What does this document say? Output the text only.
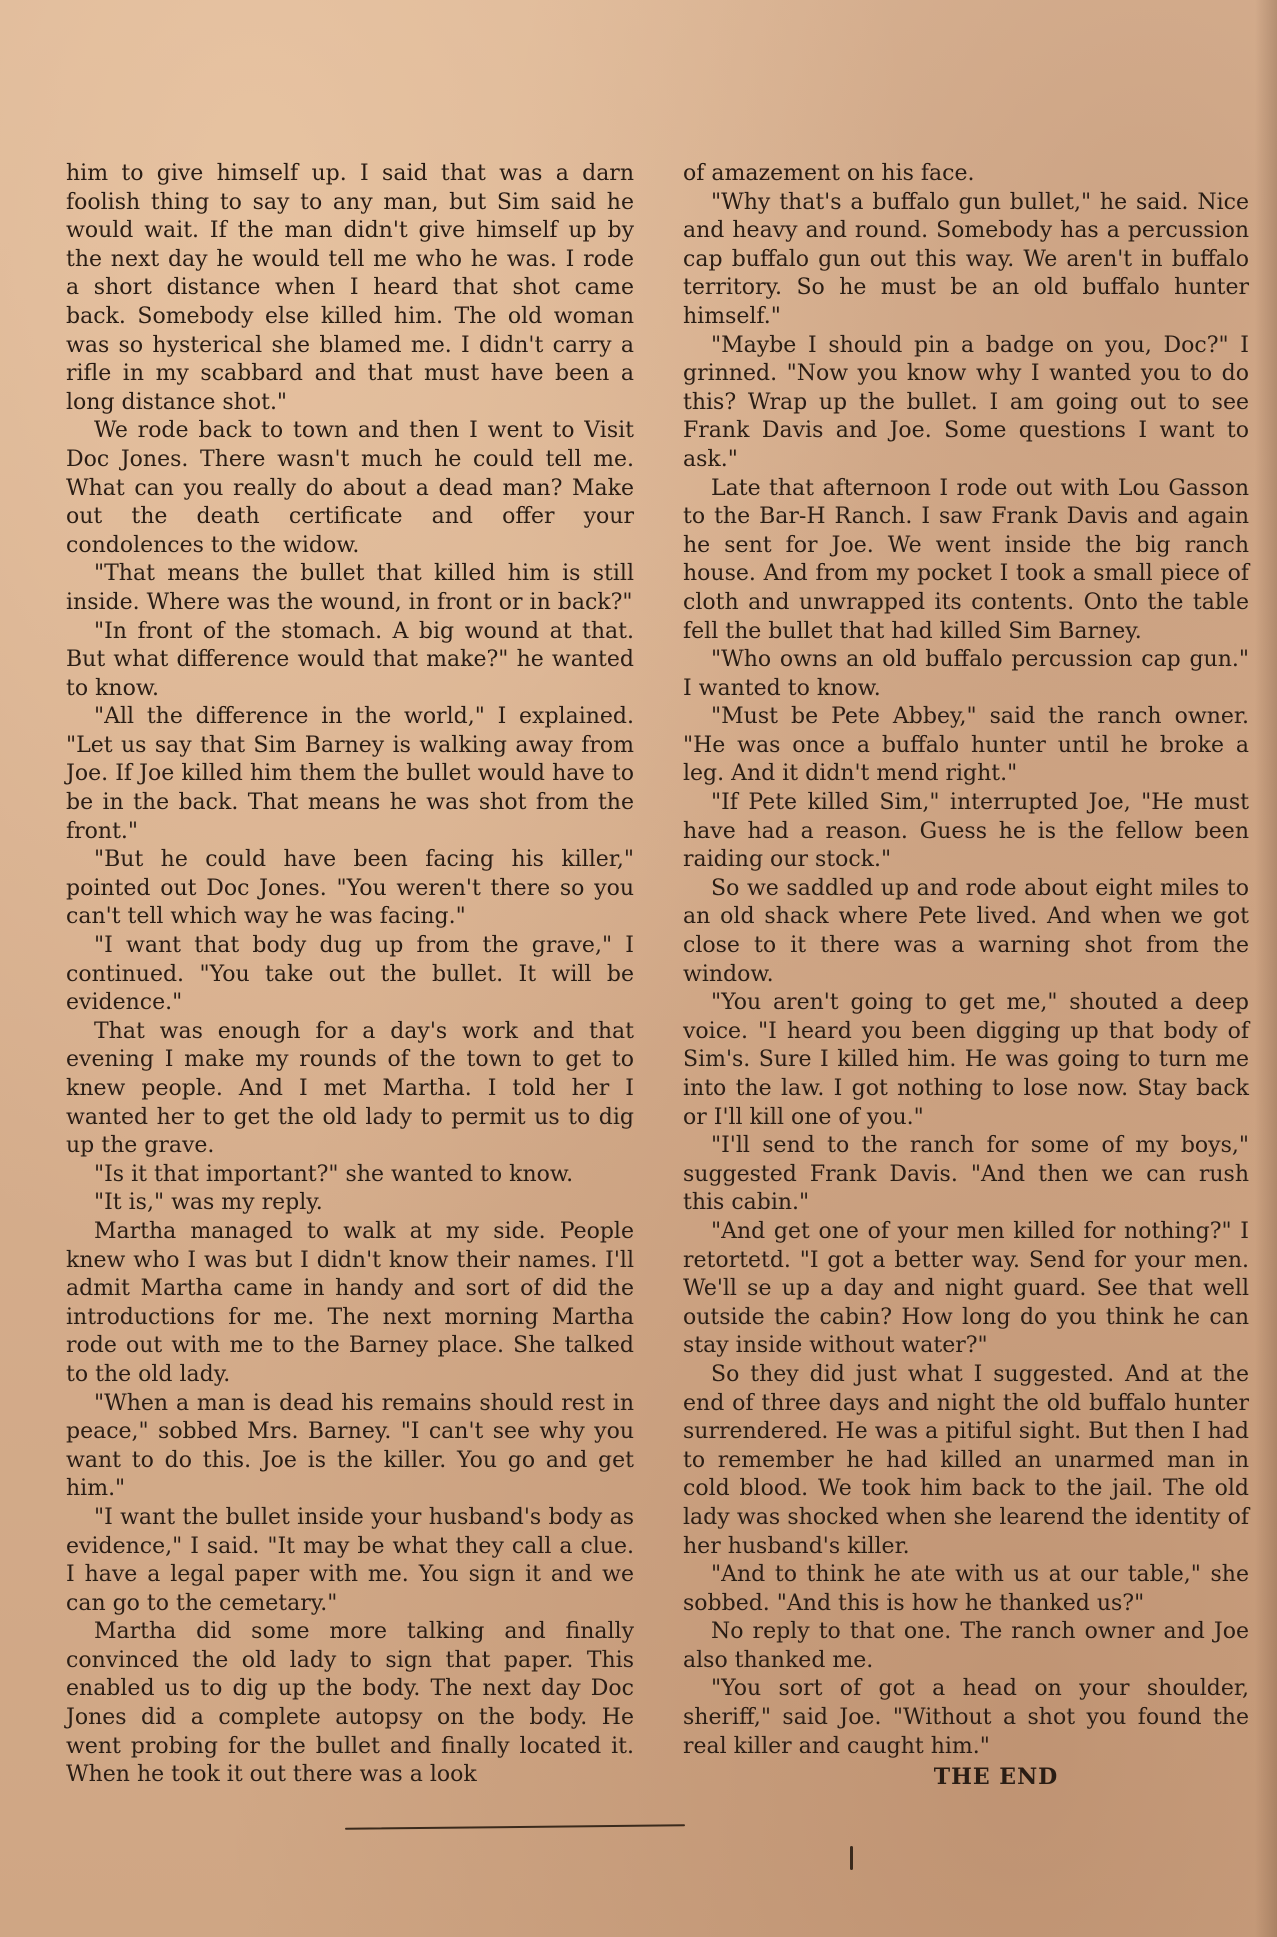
him to give himself up. I said that was a darn foolish thing to say to any man, but Sim said he would wait. If the man didn't give himself up by the next day he would tell me who he was. I rode a short distance when I heard that shot came back. Somebody else killed him. The old woman was so hysterical she blamed me. I didn't carry a rifle in my scabbard and that must have been a long distance shot."

We rode back to town and then I went to Visit Doc Jones. There wasn't much he could tell me. What can you really do about a dead man? Make out the death certificate and offer your condolences to the widow.

"That means the bullet that killed him is still inside. Where was the wound, in front or in back?"

"In front of the stomach. A big wound at that. But what difference would that make?" he wanted to know.

"All the difference in the world," I explained. "Let us say that Sim Barney is walking away from Joe. If Joe killed him them the bullet would have to be in the back. That means he was shot from the front."

"But he could have been facing his killer," pointed out Doc Jones. "You weren't there so you can't tell which way he was facing."

"I want that body dug up from the grave," I continued. "You take out the bullet. It will be evidence."

That was enough for a day's work and that evening I make my rounds of the town to get to knew people. And I met Martha. I told her I wanted her to get the old lady to permit us to dig up the grave.

"Is it that important?" she wanted to know.

"It is," was my reply.

Martha managed to walk at my side. People knew who I was but I didn't know their names. I'll admit Martha came in handy and sort of did the introductions for me. The next morning Martha rode out with me to the Barney place. She talked to the old lady.

"When a man is dead his remains should rest in peace," sobbed Mrs. Barney. "I can't see why you want to do this. Joe is the killer. You go and get him."

"I want the bullet inside your husband's body as evidence," I said. "It may be what they call a clue. I have a legal paper with me. You sign it and we can go to the cemetary."

Martha did some more talking and finally convinced the old lady to sign that paper. This enabled us to dig up the body. The next day Doc Jones did a complete autopsy on the body. He went probing for the bullet and finally located it. When he took it out there was a look

of amazement on his face.

"Why that's a buffalo gun bullet," he said. Nice and heavy and round. Somebody has a percussion cap buffalo gun out this way. We aren't in buffalo territory. So he must be an old buffalo hunter himself."

"Maybe I should pin a badge on you, Doc?" I grinned. "Now you know why I wanted you to do this? Wrap up the bullet. I am going out to see Frank Davis and Joe. Some questions I want to ask."

Late that afternoon I rode out with Lou Gasson to the Bar-H Ranch. I saw Frank Davis and again he sent for Joe. We went inside the big ranch house. And from my pocket I took a small piece of cloth and unwrapped its contents. Onto the table fell the bullet that had killed Sim Barney.

"Who owns an old buffalo percussion cap gun." I wanted to know.

"Must be Pete Abbey," said the ranch owner. "He was once a buffalo hunter until he broke a leg. And it didn't mend right."

"If Pete killed Sim," interrupted Joe, "He must have had a reason. Guess he is the fellow been raiding our stock."

So we saddled up and rode about eight miles to an old shack where Pete lived. And when we got close to it there was a warning shot from the window.

"You aren't going to get me," shouted a deep voice. "I heard you been digging up that body of Sim's. Sure I killed him. He was going to turn me into the law. I got nothing to lose now. Stay back or I'll kill one of you."

"I'll send to the ranch for some of my boys," suggested Frank Davis. "And then we can rush this cabin."

"And get one of your men killed for nothing?" I retortetd. "I got a better way. Send for your men. We'll se up a day and night guard. See that well outside the cabin? How long do you think he can stay inside without water?"

So they did just what I suggested. And at the end of three days and night the old buffalo hunter surrendered. He was a pitiful sight. But then I had to remember he had killed an unarmed man in cold blood. We took him back to the jail. The old lady was shocked when she learend the identity of her husband's killer.

"And to think he ate with us at our table," she sobbed. "And this is how he thanked us?"

No reply to that one. The ranch owner and Joe also thanked me.

"You sort of got a head on your shoulder, sheriff," said Joe. "Without a shot you found the real killer and caught him."

THE END
